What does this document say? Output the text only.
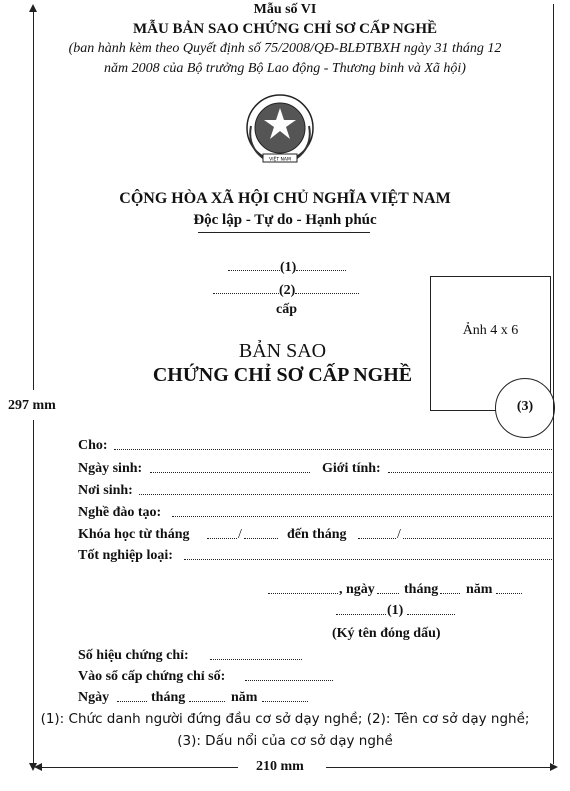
Mẫu số VI
MẪU BẢN SAO CHỨNG CHỈ SƠ CẤP NGHỀ
(ban hành kèm theo Quyết định số 75/2008/QĐ-BLĐTBXH ngày 31 tháng 12
năm 2008 của Bộ trưởng Bộ Lao động - Thương binh và Xã hội)
VIỆT NAM
CỘNG HÒA XÃ HỘI CHỦ NGHĨA VIỆT NAM
Độc lập - Tự do - Hạnh phúc
(1)
(2)
cấp
Ảnh 4 x 6
(3)
BẢN SAO
CHỨNG CHỈ SƠ CẤP NGHỀ
297 mm
210 mm
Cho:
Ngày sinh:	Giới tính:
Nơi sinh:
Nghề đào tạo:
Khóa học từ tháng	/	đến tháng	/
Tốt nghiệp loại:
, ngày tháng năm
(1)
(Ký tên đóng dấu)
Số hiệu chứng chỉ:
Vào sổ cấp chứng chỉ số:
Ngày	tháng	năm
(1): Chức danh người đứng đầu cơ sở dạy nghề; (2): Tên cơ sở dạy nghề;
(3): Dấu nổi của cơ sở dạy nghề
